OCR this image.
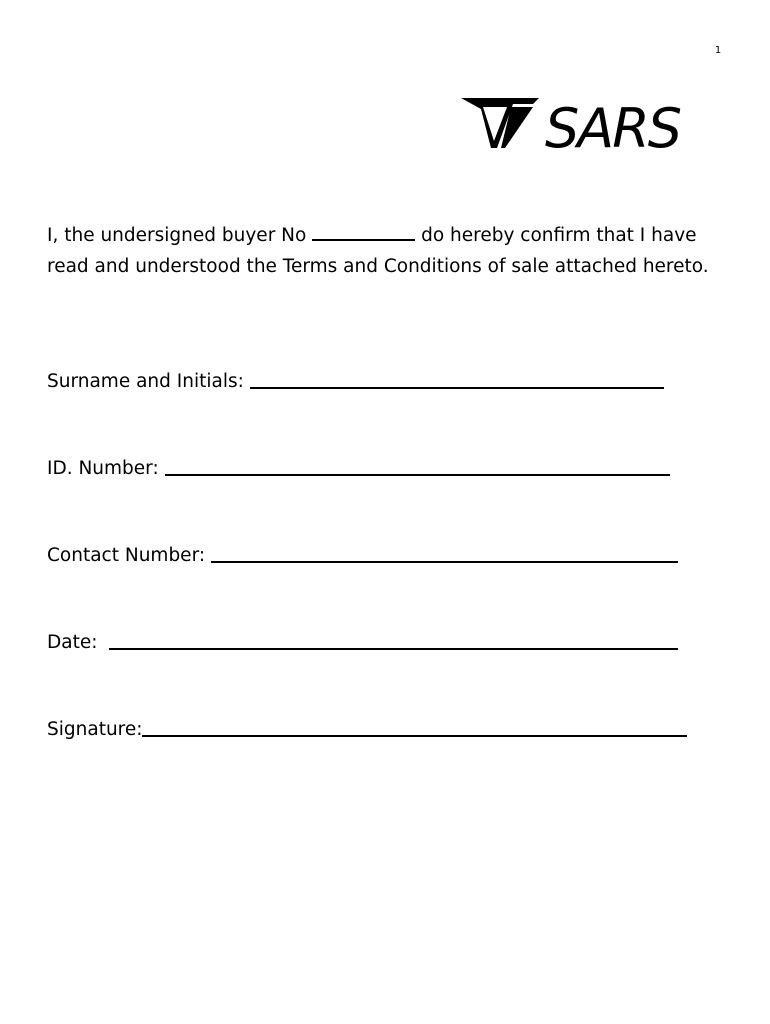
1
SARS
I, the undersigned buyer No	do hereby confirm that I have read and understood the Terms and Conditions of sale attached hereto.
Surname and Initials:
ID. Number:
Contact Number:
Date:
Signature:
